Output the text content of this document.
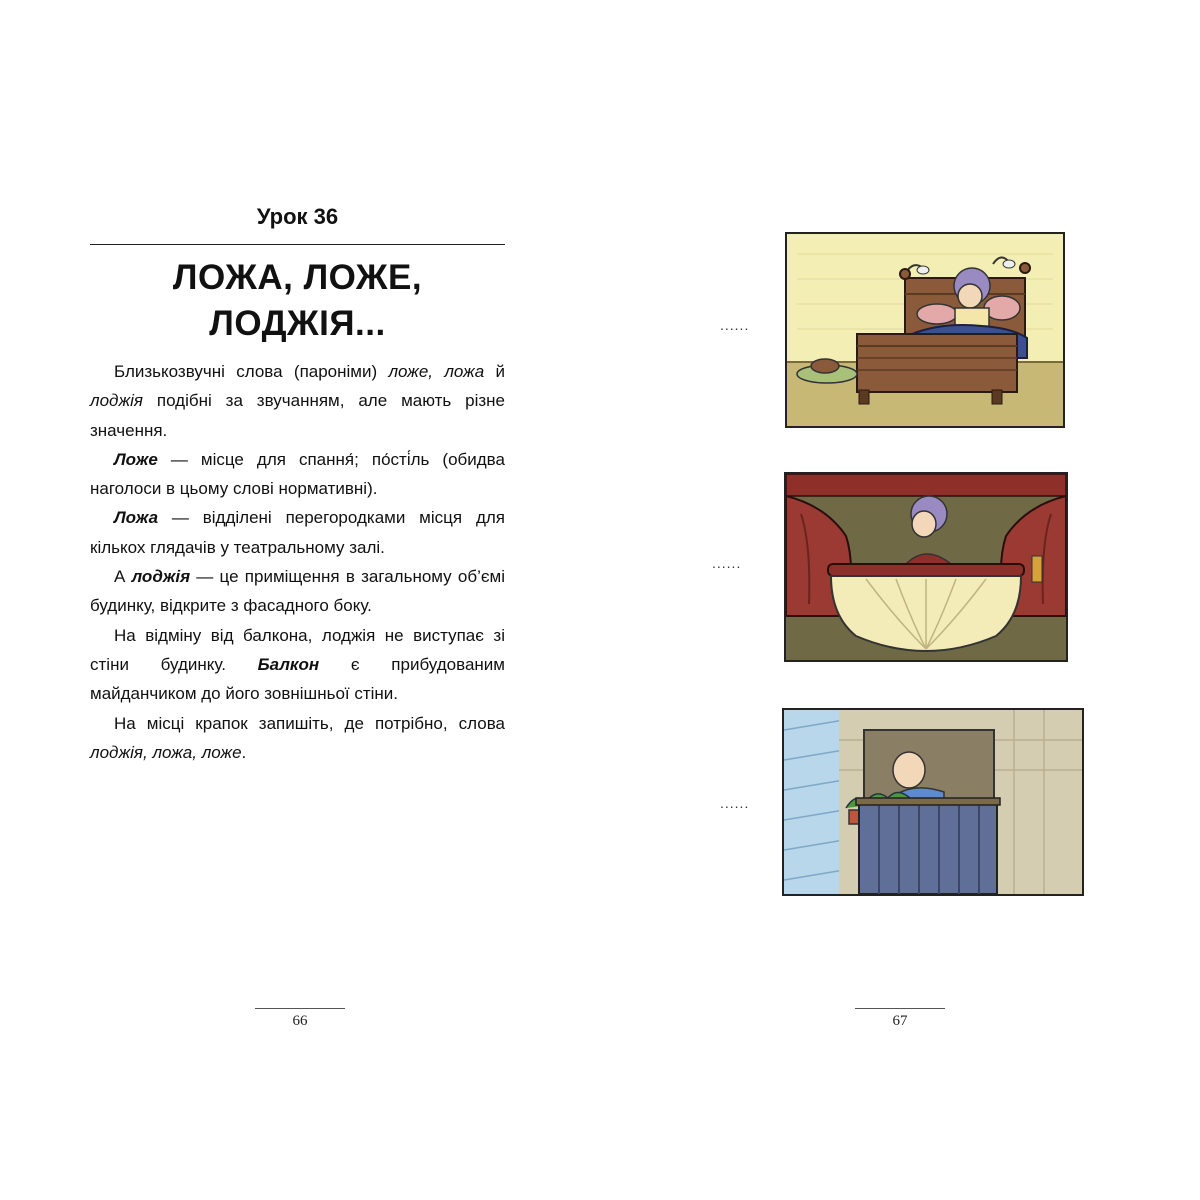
Урок 36
ЛОЖА, ЛОЖЕ,
ЛОДЖІЯ...

Близькозвучні слова (пароніми) ложе, ложа й лоджія подібні за звучанням, але мають різне значення.

Ложе — місце для спання́; по́сті́ль (обидва наголоси в цьому слові нормативні).

Ложа — відділені перегородками місця для кількох глядачів у театральному залі.

А лоджія — це приміщення в загальному об’ємі будинку, відкрите з фасадного боку.

На відміну від балкона, лоджія не виступає зі стіни будинку. Балкон є прибудованим майданчиком до його зовнішньої стіни.

На місці крапок запишіть, де потрібно, слова лоджія, ложа, ложе.

66
......
......
......
67
